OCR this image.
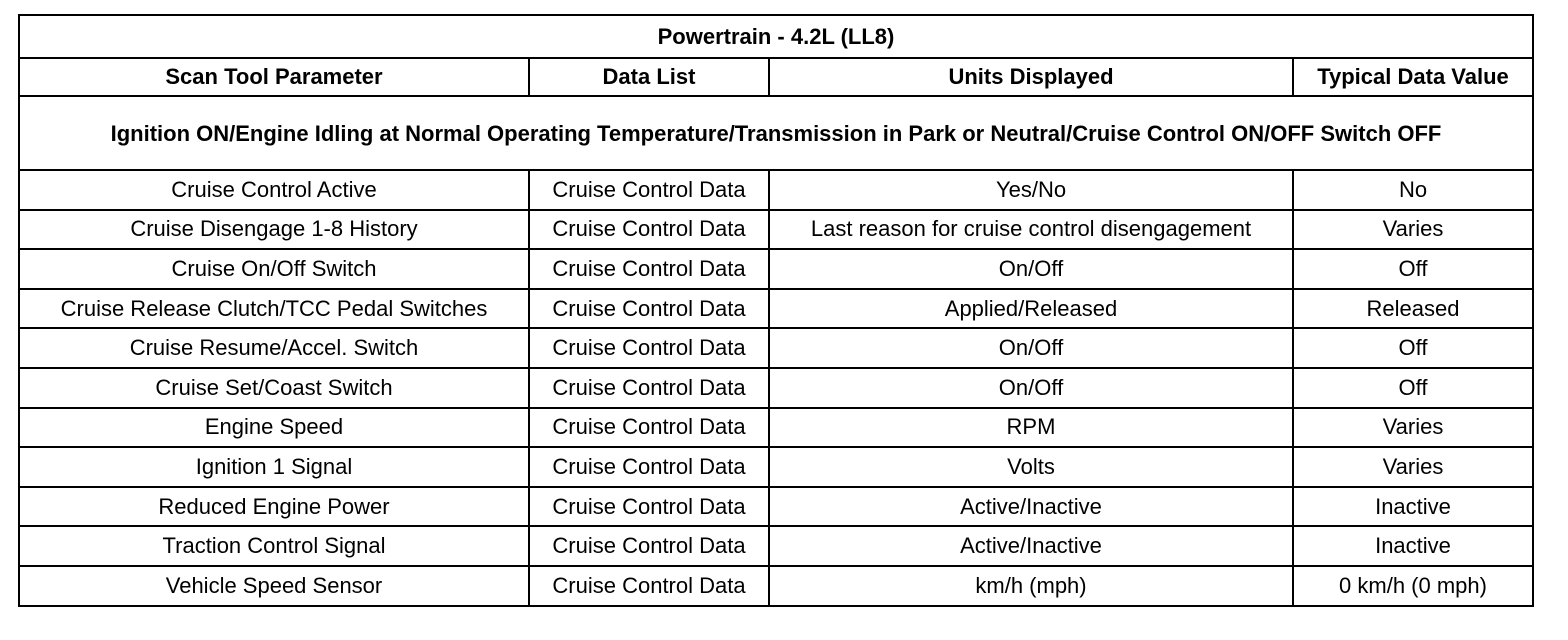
Powertrain - 4.2L (LL8)			
Scan Tool Parameter	Data List	Units Displayed	Typical Data Value
Ignition ON/Engine Idling at Normal Operating Temperature/Transmission in Park or Neutral/Cruise Control ON/OFF Switch OFF			
Cruise Control Active	Cruise Control Data	Yes/No	No
Cruise Disengage 1-8 History	Cruise Control Data	Last reason for cruise control disengagement	Varies
Cruise On/Off Switch	Cruise Control Data	On/Off	Off
Cruise Release Clutch/TCC Pedal Switches	Cruise Control Data	Applied/Released	Released
Cruise Resume/Accel. Switch	Cruise Control Data	On/Off	Off
Cruise Set/Coast Switch	Cruise Control Data	On/Off	Off
Engine Speed	Cruise Control Data	RPM	Varies
Ignition 1 Signal	Cruise Control Data	Volts	Varies
Reduced Engine Power	Cruise Control Data	Active/Inactive	Inactive
Traction Control Signal	Cruise Control Data	Active/Inactive	Inactive
Vehicle Speed Sensor	Cruise Control Data	km/h (mph)	0 km/h (0 mph)
